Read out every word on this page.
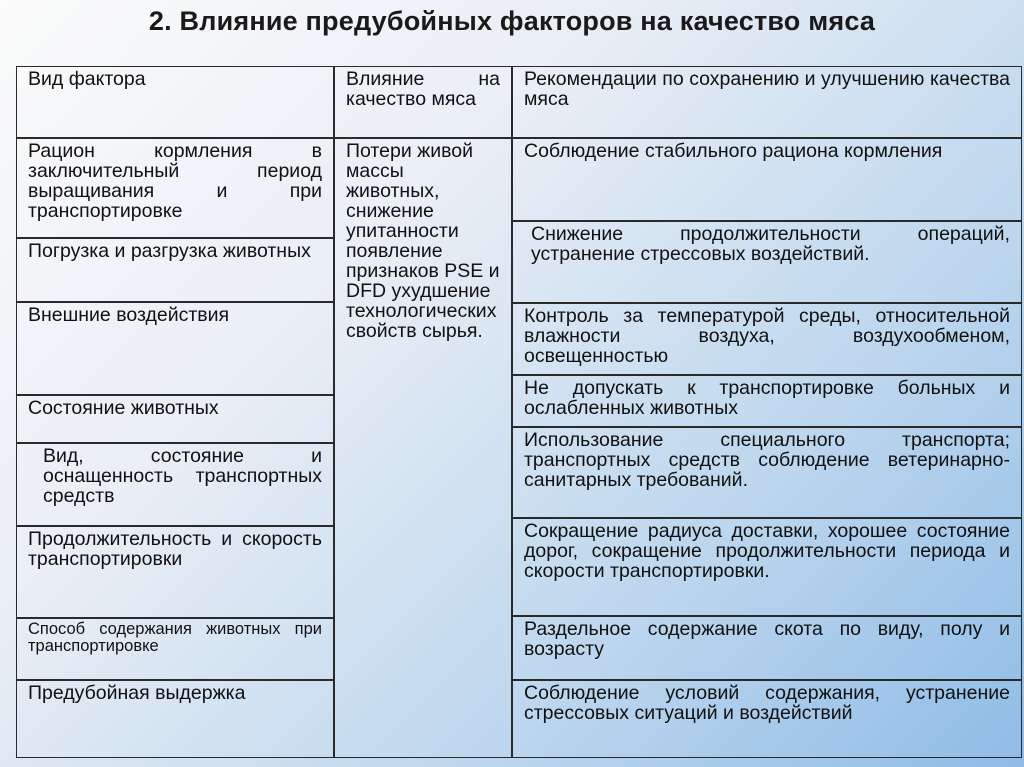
2. Влияние предубойных факторов на качество мяса
Вид фактора	Влияние на качество мяса
Рекомендации по сохранению и улучшению качества мяса
Рацион кормления в заключительный период выращивания и при транспортировке
Погрузка и разгрузка животных
Внешние воздействия
Состояние животных
Вид, состояние и оснащенность транспортных средств
Продолжительность и скорость транспортировки
Способ содержания животных при транспортировке
Предубойная выдержка
Потери живой массы животных, снижение упитанности появление признаков PSE и DFD ухудшение технологических свойств сырья.
Соблюдение стабильного рациона кормления
Снижение продолжительности операций, устранение стрессовых воздействий.
Контроль за температурой среды, относительной влажности воздуха, воздухообменом, освещенностью
Не допускать к транспортировке больных и ослабленных животных
Использование специального транспорта; транспортных средств соблюдение ветеринарно-санитарных требований.
Сокращение радиуса доставки, хорошее состояние дорог, сокращение продолжительности периода и скорости транспортировки.
Раздельное содержание скота по виду, полу и возрасту
Соблюдение условий содержания, устранение стрессовых ситуаций и воздействий
